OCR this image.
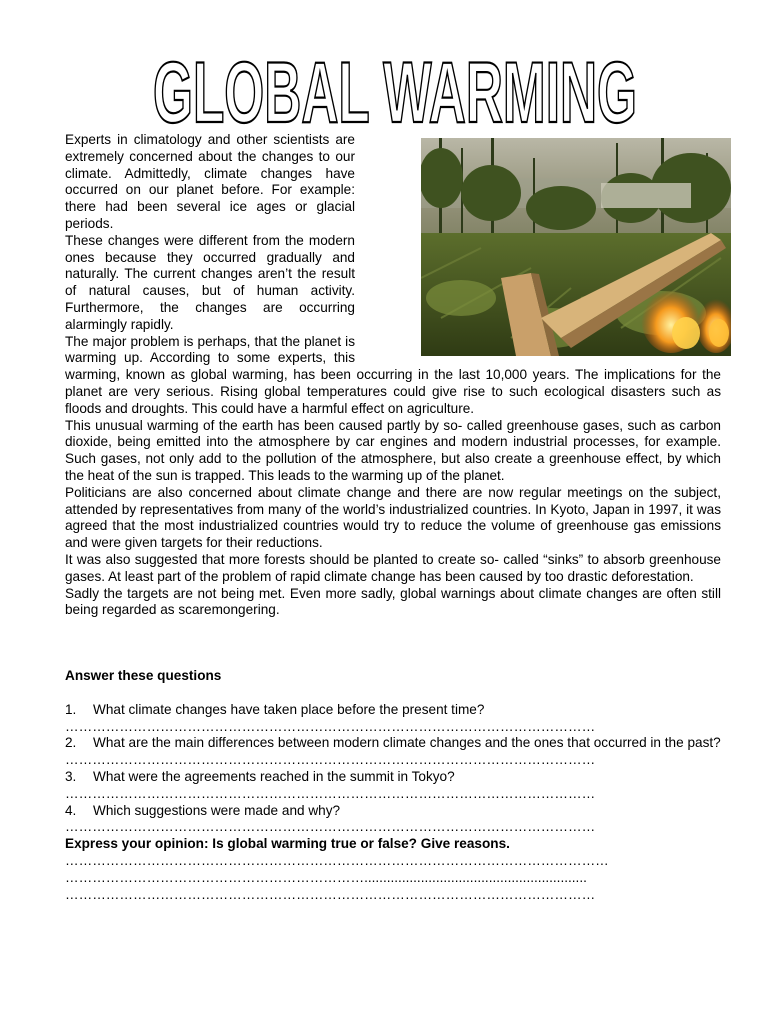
GLOBAL WARMING

Experts in climatology and other scientists are extremely concerned about the changes to our climate. Admittedly, climate changes have occurred on our planet before. For example: there had been several ice ages or glacial periods.

These changes were different from the modern ones because they occurred gradually and naturally. The current changes aren’t the result of natural causes, but of human activity. Furthermore, the changes are occurring alarmingly rapidly.

The major problem is perhaps, that the planet is warming up. According to some experts, this warming, known as global warming, has been occurring in the last 10,000 years. The implications for the planet are very serious. Rising global temperatures could give rise to such ecological disasters such as floods and droughts. This could have a harmful effect on agriculture.

This unusual warming of the earth has been caused partly by so- called greenhouse gases, such as carbon dioxide, being emitted into the atmosphere by car engines and modern industrial processes, for example. Such gases, not only add to the pollution of the atmosphere, but also create a greenhouse effect, by which the heat of the sun is trapped. This leads to the warming up of the planet.

Politicians are also concerned about climate change and there are now regular meetings on the subject, attended by representatives from many of the world’s industrialized countries. In Kyoto, Japan in 1997, it was agreed that the most industrialized countries would try to reduce the volume of greenhouse gas emissions and were given targets for their reductions.

It was also suggested that more forests should be planted to create so- called “sinks” to absorb greenhouse gases. At least part of the problem of rapid climate change has been caused by too drastic deforestation.

Sadly the targets are not being met. Even more sadly, global warnings about climate changes are often still being regarded as scaremongering.

Answer these questions

1. What climate changes have taken place before the present time?

………………………………………………………………………………………………………

2. What are the main differences between modern climate changes and the ones that occurred in the past?

………………………………………………………………………………………………………

3. What were the agreements reached in the summit in Tokyo?

………………………………………………………………………………………………………

4. Which suggestions were made and why?

………………………………………………………………………………………………………

Express your opinion: Is global warming true or false? Give reasons.

…………………………………………………………………………………………………………

…………………………………………………………...........................................................

………………………………………………………………………………………………………
